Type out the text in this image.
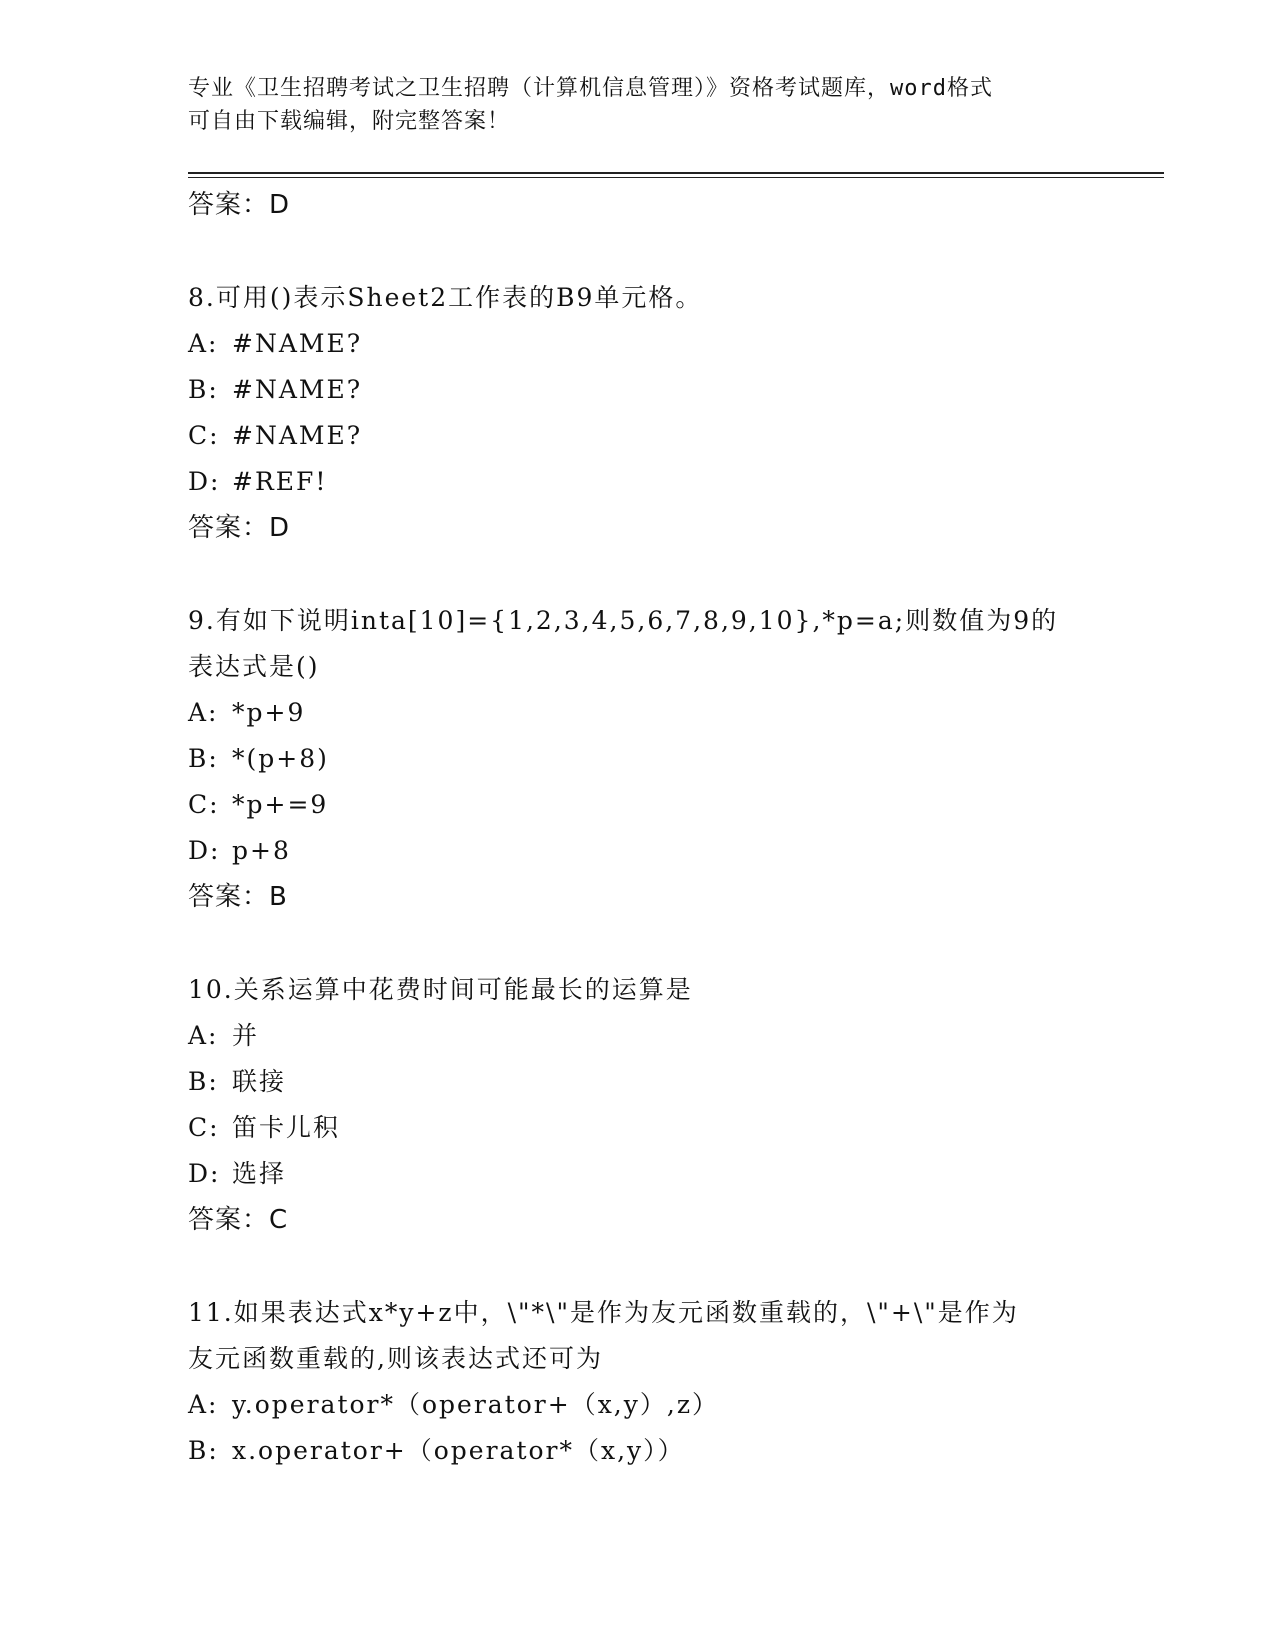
专业《卫生招聘考试之卫生招聘（计算机信息管理）》资格考试题库，word格式
可自由下载编辑，附完整答案！
答案：D
8.可用()表示Sheet2工作表的B9单元格。
A: #NAME?
B: #NAME?
C: #NAME?
D: #REF!
答案：D
9.有如下说明inta[10]={1,2,3,4,5,6,7,8,9,10},*p=a;则数值为9的
表达式是()
A: *p+9
B: *(p+8)
C: *p+=9
D: p+8
答案：B
10.关系运算中花费时间可能最长的运算是
A: 并
B: 联接
C: 笛卡儿积
D: 选择
答案：C
11.如果表达式x*y+z中，\"*\"是作为友元函数重载的，\"+\"是作为
友元函数重载的,则该表达式还可为
A: y.operator*（operator+（x,y）,z）
B: x.operator+（operator*（x,y））
